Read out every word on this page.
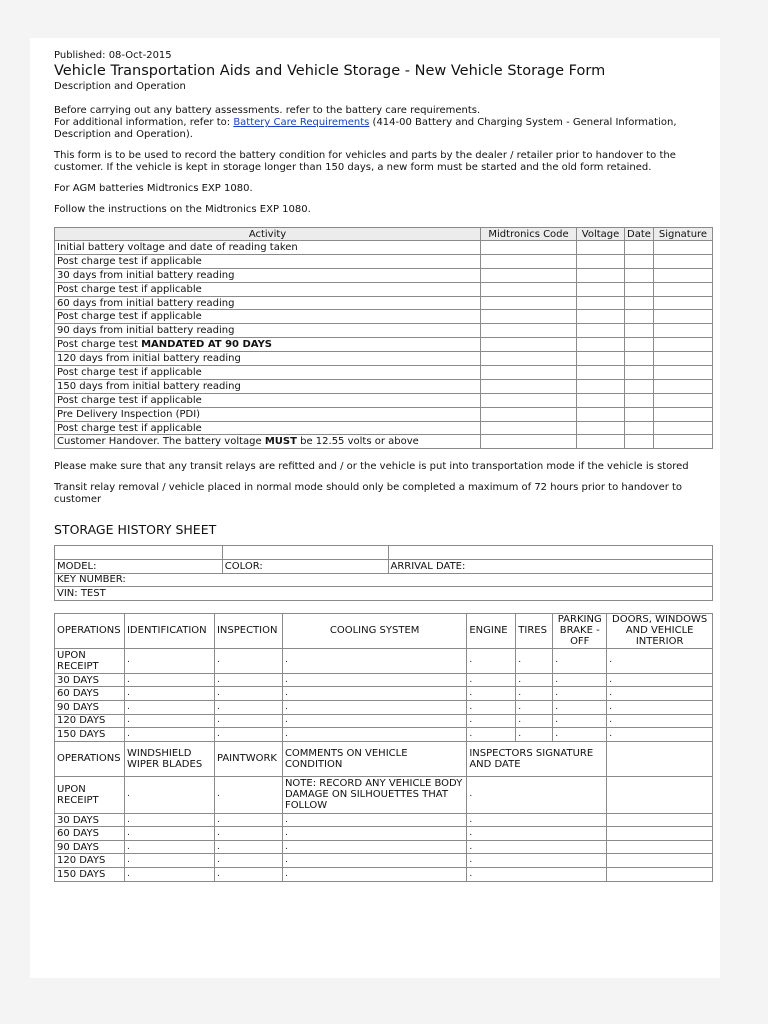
Published: 08-Oct-2015

Vehicle Transportation Aids and Vehicle Storage - New Vehicle Storage Form

Description and Operation

Before carrying out any battery assessments. refer to the battery care requirements.

For additional information, refer to: Battery Care Requirements (414-00 Battery and Charging System - General Information, Description and Operation).

This form is to be used to record the battery condition for vehicles and parts by the dealer / retailer prior to handover to the customer. If the vehicle is kept in storage longer than 150 days, a new form must be started and the old form retained.

For AGM batteries Midtronics EXP 1080.

Follow the instructions on the Midtronics EXP 1080.

Activity	Midtronics Code	Voltage	Date	Signature
Initial battery voltage and date of reading taken				
Post charge test if applicable				
30 days from initial battery reading				
Post charge test if applicable				
60 days from initial battery reading				
Post charge test if applicable				
90 days from initial battery reading				
Post charge test MANDATED AT 90 DAYS				
120 days from initial battery reading				
Post charge test if applicable				
150 days from initial battery reading				
Post charge test if applicable				
Pre Delivery Inspection (PDI)				
Post charge test if applicable				
Customer Handover. The battery voltage MUST be 12.55 volts or above				

Please make sure that any transit relays are refitted and / or the vehicle is put into transportation mode if the vehicle is stored

Transit relay removal / vehicle placed in normal mode should only be completed a maximum of 72 hours prior to handover to customer

STORAGE HISTORY SHEET

MODEL:	COLOR:	ARRIVAL DATE:
KEY NUMBER:		
VIN: TEST		
OPERATIONS	IDENTIFICATION	INSPECTION	COOLING SYSTEM	ENGINE	TIRES	PARKING BRAKE - OFF	DOORS, WINDOWS AND VEHICLE INTERIOR
UPON RECEIPT	.	.	.	.	.	.	.
30 DAYS	.	.	.	.	.	.	.
60 DAYS	.	.	.	.	.	.	.
90 DAYS	.	.	.	.	.	.	.
120 DAYS	.	.	.	.	.	.	.
150 DAYS	.	.	.	.	.	.	.
OPERATIONS	WINDSHIELD WIPER BLADES	PAINTWORK	COMMENTS ON VEHICLE CONDITION	INSPECTORS SIGNATURE AND DATE			
UPON RECEIPT	.	.	NOTE: RECORD ANY VEHICLE BODY DAMAGE ON SILHOUETTES THAT FOLLOW	.			
30 DAYS	.	.	.	.			
60 DAYS	.	.	.	.			
90 DAYS	.	.	.	.			
120 DAYS	.	.	.	.			
150 DAYS	.	.	.	.			
